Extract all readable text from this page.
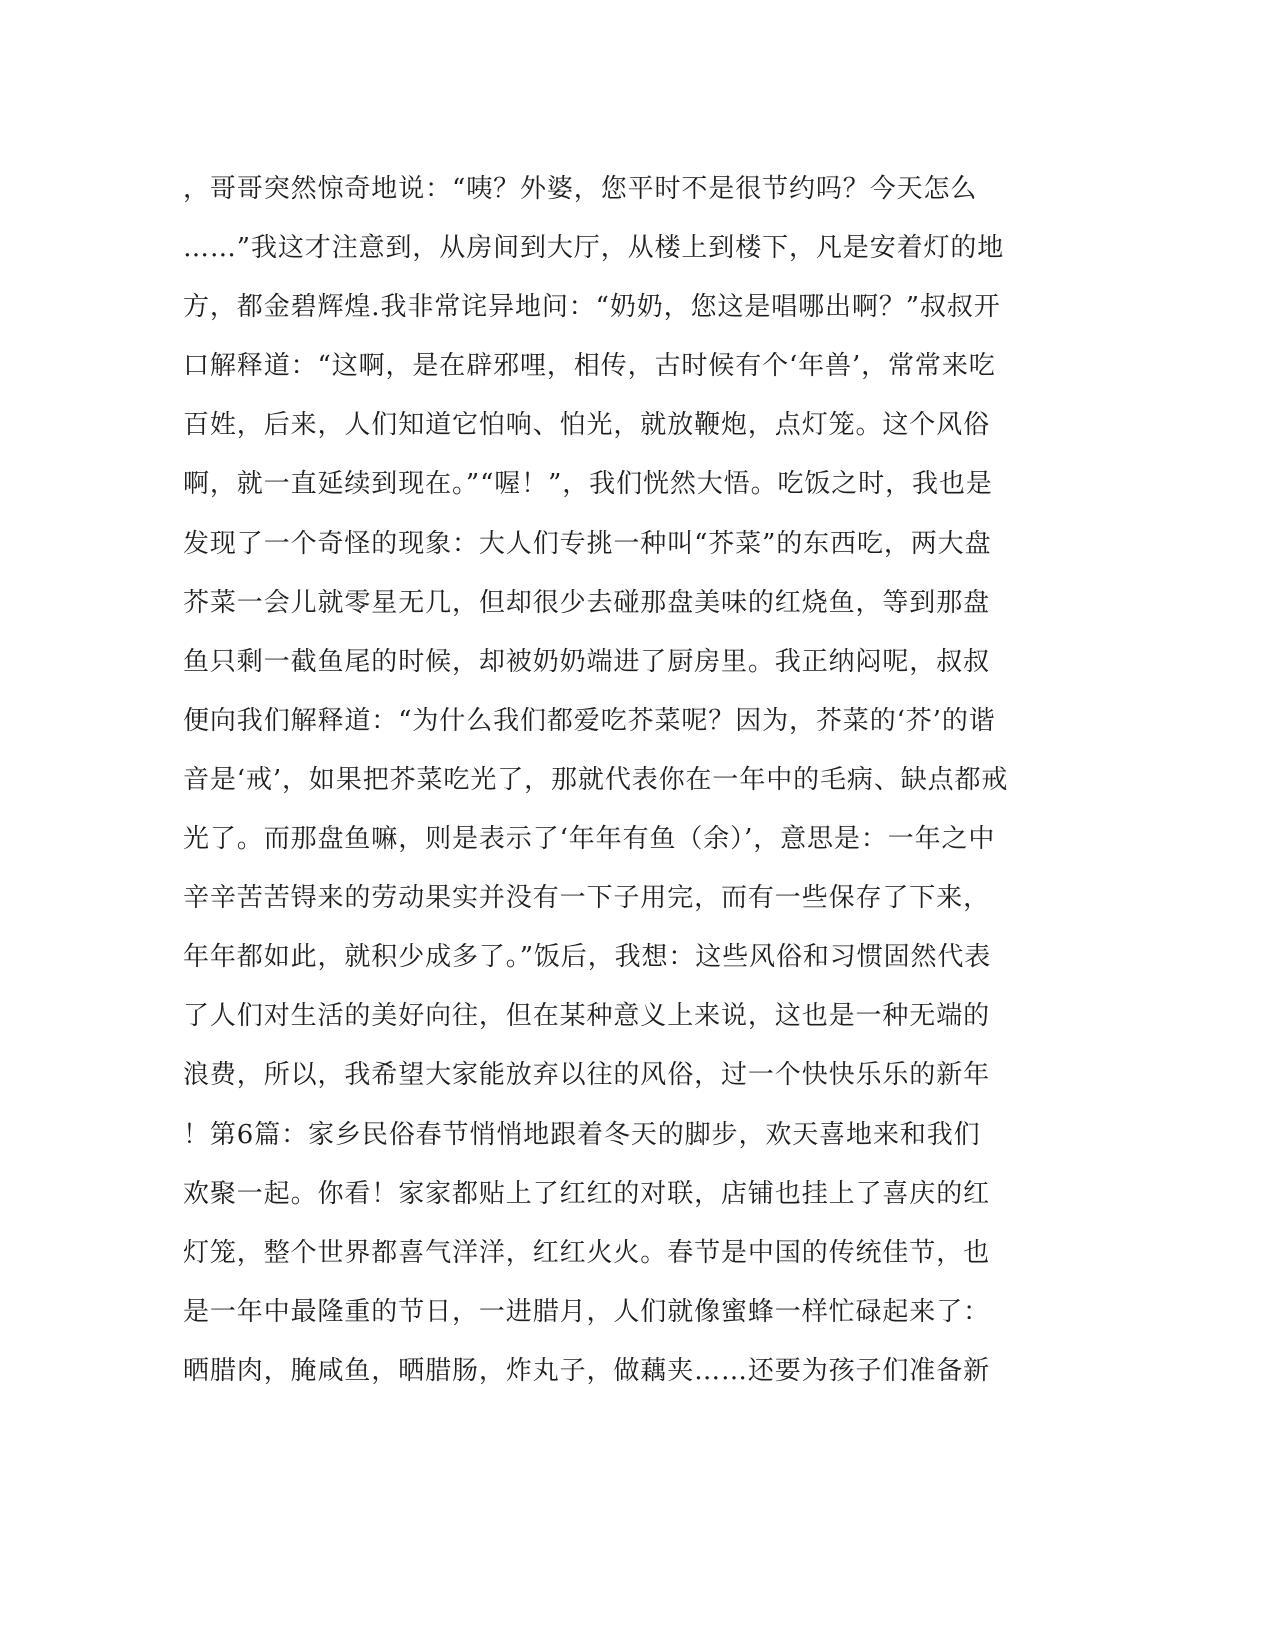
，哥哥突然惊奇地说：“咦？外婆，您平时不是很节约吗？今天怎么
……”我这才注意到，从房间到大厅，从楼上到楼下，凡是安着灯的地
方，都金碧辉煌.我非常诧异地问：“奶奶，您这是唱哪出啊？”叔叔开
口解释道：“这啊，是在辟邪哩，相传，古时候有个‘年兽’，常常来吃
百姓，后来，人们知道它怕响、怕光，就放鞭炮，点灯笼。这个风俗
啊，就一直延续到现在。”“喔！”，我们恍然大悟。吃饭之时，我也是
发现了一个奇怪的现象：大人们专挑一种叫“芥菜”的东西吃，两大盘
芥菜一会儿就零星无几，但却很少去碰那盘美味的红烧鱼，等到那盘
鱼只剩一截鱼尾的时候，却被奶奶端进了厨房里。我正纳闷呢，叔叔
便向我们解释道：“为什么我们都爱吃芥菜呢？因为，芥菜的‘芥’的谐
音是‘戒’，如果把芥菜吃光了，那就代表你在一年中的毛病、缺点都戒
光了。而那盘鱼嘛，则是表示了‘年年有鱼（余）’，意思是：一年之中
辛辛苦苦锝来的劳动果实并没有一下子用完，而有一些保存了下来，
年年都如此，就积少成多了。”饭后，我想：这些风俗和习惯固然代表
了人们对生活的美好向往，但在某种意义上来说，这也是一种无端的
浪费，所以，我希望大家能放弃以往的风俗，过一个快快乐乐的新年
！第6篇：家乡民俗春节悄悄地跟着冬天的脚步，欢天喜地来和我们
欢聚一起。你看！家家都贴上了红红的对联，店铺也挂上了喜庆的红
灯笼，整个世界都喜气洋洋，红红火火。春节是中国的传统佳节，也
是一年中最隆重的节日，一进腊月，人们就像蜜蜂一样忙碌起来了：
晒腊肉，腌咸鱼，晒腊肠，炸丸子，做藕夹……还要为孩子们准备新
